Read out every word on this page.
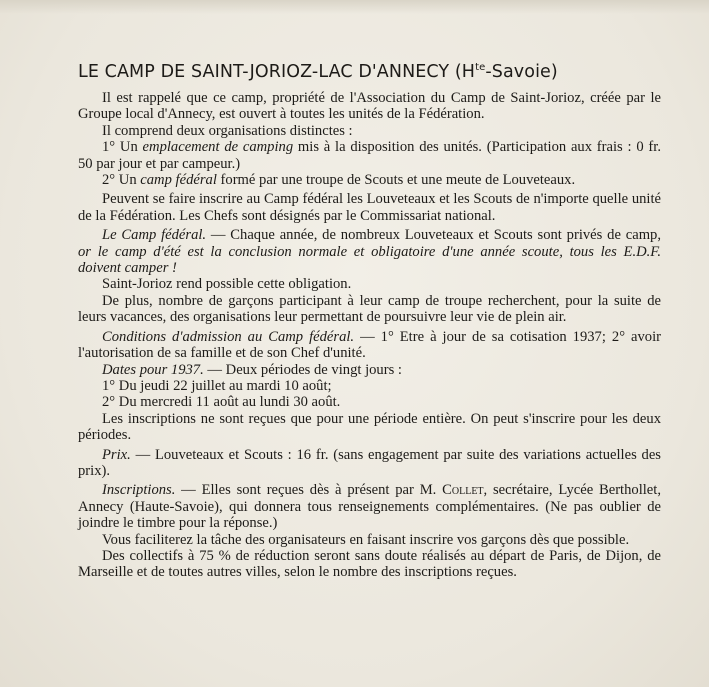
LE CAMP DE SAINT-JORIOZ-LAC D'ANNECY $(H^{te}-Savoie)$

Il est rappelé que ce camp, propriété de l'Association du Camp de Saint-Jorioz, créée par le Groupe local d'Annecy, est ouvert à toutes les unités de la Fédération.

Il comprend deux organisations distinctes :

1° Un emplacement de camping mis à la disposition des unités. (Participation aux frais : 0 fr. 50 par jour et par campeur.)

2° Un camp fédéral formé par une troupe de Scouts et une meute de Louveteaux.

Peuvent se faire inscrire au Camp fédéral les Louveteaux et les Scouts de n'importe quelle unité de la Fédération. Les Chefs sont désignés par le Commissariat national.

Le Camp fédéral. — Chaque année, de nombreux Louveteaux et Scouts sont privés de camp, or le camp d'été est la conclusion normale et obligatoire d'une année scoute, tous les E.D.F. doivent camper !

Saint-Jorioz rend possible cette obligation.

De plus, nombre de garçons participant à leur camp de troupe recherchent, pour la suite de leurs vacances, des organisations leur permettant de poursuivre leur vie de plein air.

Conditions d'admission au Camp fédéral. — 1° Etre à jour de sa cotisation 1937; 2° avoir l'autorisation de sa famille et de son Chef d'unité.

Dates pour 1937. — Deux périodes de vingt jours :

1° Du jeudi 22 juillet au mardi 10 août;

2° Du mercredi 11 août au lundi 30 août.

Les inscriptions ne sont reçues que pour une période entière. On peut s'inscrire pour les deux périodes.

Prix. — Louveteaux et Scouts : 16 fr. (sans engagement par suite des variations actuelles des prix).

Inscriptions. — Elles sont reçues dès à présent par M. Collet, secrétaire, Lycée Berthollet, Annecy (Haute-Savoie), qui donnera tous renseignements complémentaires. (Ne pas oublier de joindre le timbre pour la réponse.)

Vous faciliterez la tâche des organisateurs en faisant inscrire vos garçons dès que possible.

Des collectifs à 75 % de réduction seront sans doute réalisés au départ de Paris, de Dijon, de Marseille et de toutes autres villes, selon le nombre des inscriptions reçues.
